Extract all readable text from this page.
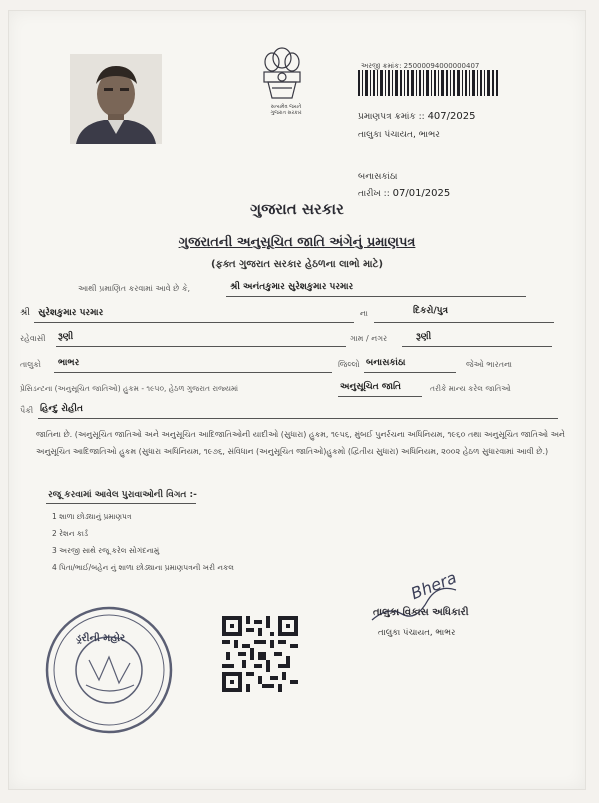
સત્યમેવ જયતે
ગુજરાત સરકાર
અરજી ક્રમાંક: 25000094000000407
પ્રમાણપત્ર ક્રમાંક :: 407/2025
તાલુકા પંચાયત, ભાભર
બનાસકાંઠા
તારીખ :: 07/01/2025
ગુજરાત સરકાર
ગુજરાતની અનુસૂચિત જાતિ અંગેનું પ્રમાણપત્ર
(ફક્ત ગુજરાત સરકાર હેઠળના લાભો માટે)
આથી પ્રમાણિત કરવામાં આવે છે કે,	શ્રી અનંતકુમાર સુરેશકુમાર પરમાર
શ્રી સુરેશકુમાર પરમાર	ના	દિકરો/પુત્ર
રહેવાસી રૂણી	ગામ / નગર	રૂણી
તાલુકો ભાભર	જિલ્લો બનાસકાંઠા	જેઓ ભારતના
પ્રેસિડન્ટના (અનુસૂચિત જાતિઓ) હુકમ - ૧૯૫૦, હેઠળ ગુજરાત રાજ્યમાં	અનુસૂચિત જાતિ	તરીકે માન્ય કરેલ જાતિઓ
પૈકી હિન્દુ રોહીત
જાતિના છે. (અનુસૂચિત જાતિઓ અને અનુસૂચિત આદિજાતિઓની યાદીઓ (સુધારા) હુકમ, ૧૯૫૬, મુંબઈ પુનર્રચના અધિનિયમ, ૧૯૬૦ તથા અનુસૂચિત જાતિઓ અને અનુસૂચિત આદિજાતિઓ હુકમ (સુધારા અધિનિયમ, ૧૯૭૬, સંવિધાન (અનુસૂચિત જાતિઓ)હુકમો (દ્વિતીય સુધારા) અધિનિયમ, ૨૦૦૨ હેઠળ સુધારવામાં આવી છે.)
રજૂ કરવામાં આવેલ પુરાવાઓની વિગત :-
1 શાળા છોડ્યાનું પ્રમાણપત્ર
2 રેશન કાર્ડ
3 અરજી સાથે રજૂ કરેલ સોગંદનામું
4 પિતા/ભાઈ/બહેન નું શાળા છોડ્યાના પ્રમાણપત્રની ખરી નકલ
ડ્રરીની મહોર
Bhera
તાલુકા વિકાસ અધિકારી
તાલુકા પંચાયત, ભાભર
